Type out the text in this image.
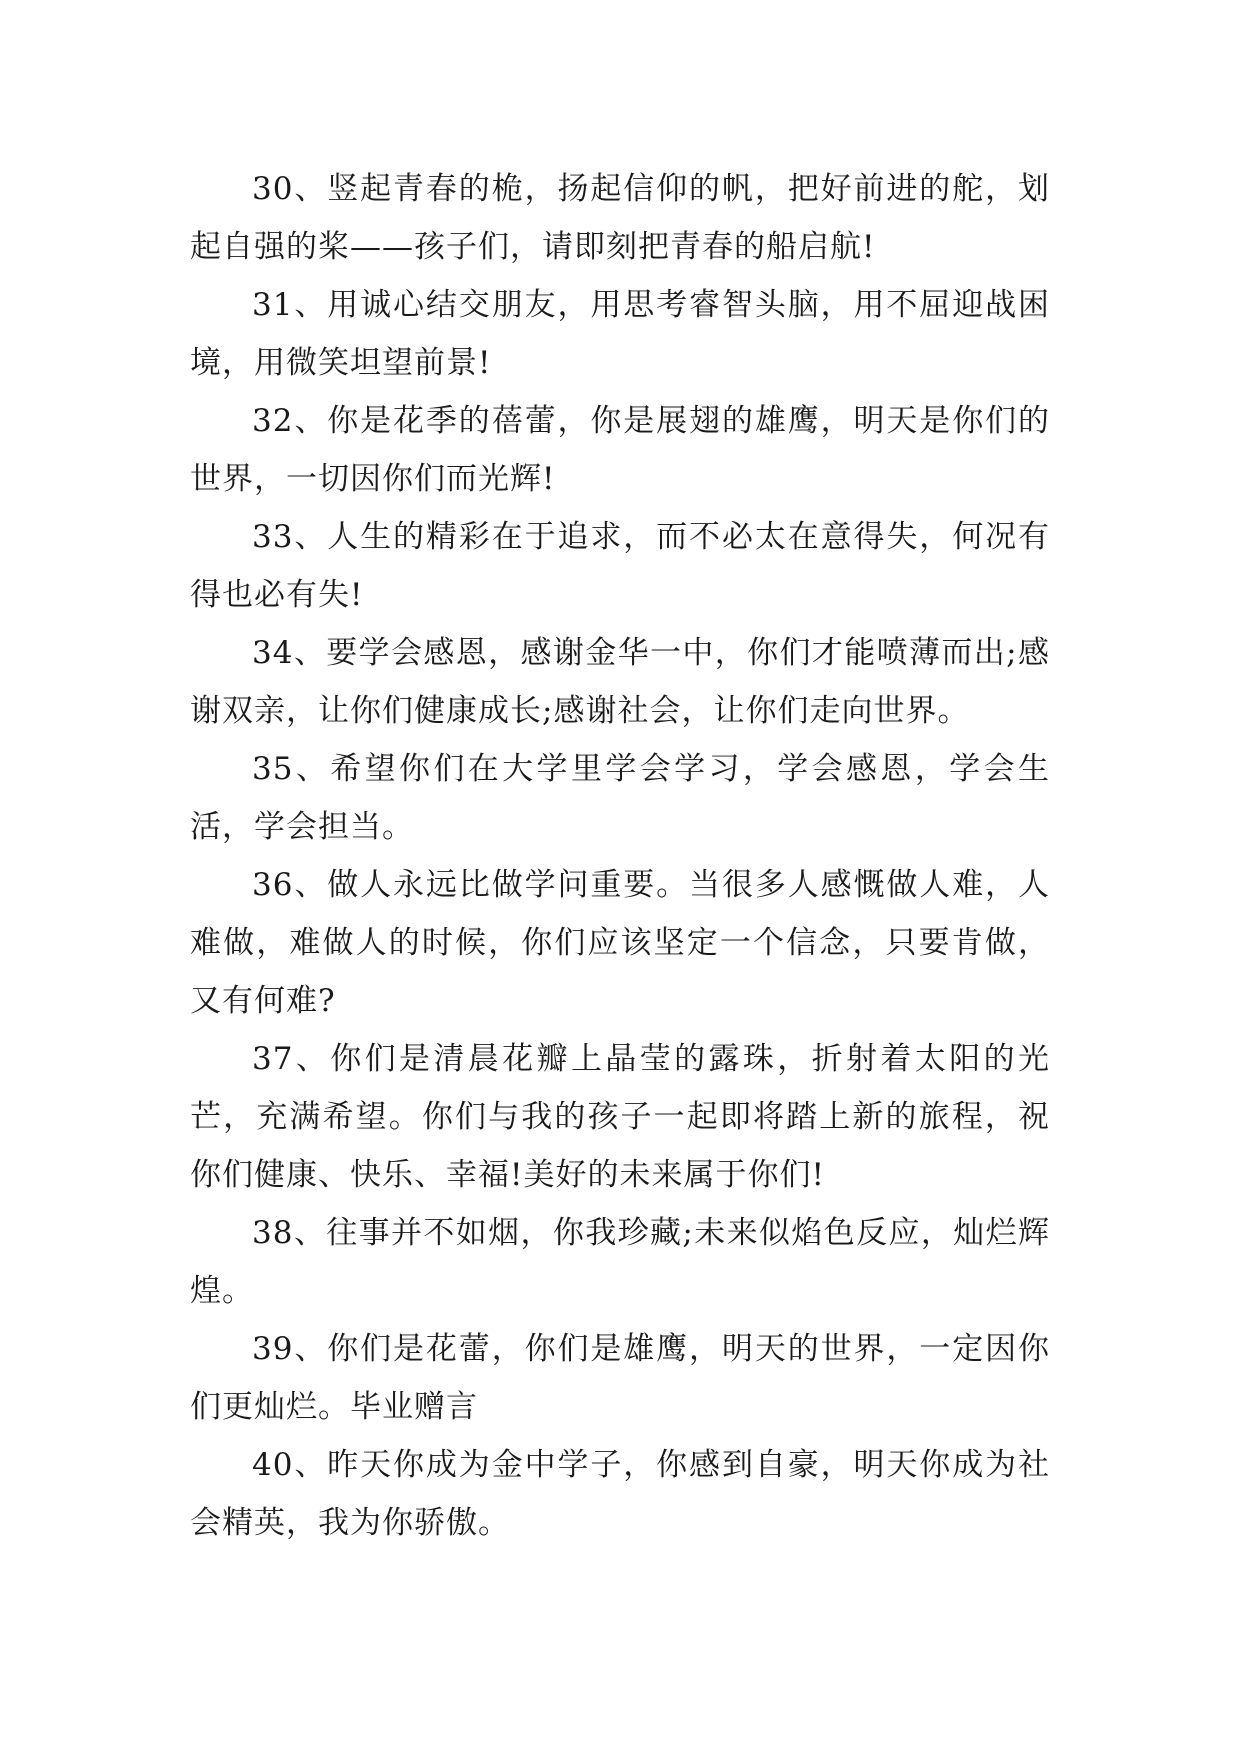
30、竖起青春的桅，扬起信仰的帆，把好前进的舵，划起自强的桨——孩子们，请即刻把青春的船启航!

31、用诚心结交朋友，用思考睿智头脑，用不屈迎战困境，用微笑坦望前景!

32、你是花季的蓓蕾，你是展翅的雄鹰，明天是你们的世界，一切因你们而光辉!

33、人生的精彩在于追求，而不必太在意得失，何况有得也必有失!

34、要学会感恩，感谢金华一中，你们才能喷薄而出;感谢双亲，让你们健康成长;感谢社会，让你们走向世界。

35、希望你们在大学里学会学习，学会感恩，学会生活，学会担当。

36、做人永远比做学问重要。当很多人感慨做人难，人难做，难做人的时候，你们应该坚定一个信念，只要肯做，又有何难?

37、你们是清晨花瓣上晶莹的露珠，折射着太阳的光芒，充满希望。你们与我的孩子一起即将踏上新的旅程，祝你们健康、快乐、幸福!美好的未来属于你们!

38、往事并不如烟，你我珍藏;未来似焰色反应，灿烂辉煌。

39、你们是花蕾，你们是雄鹰，明天的世界，一定因你们更灿烂。毕业赠言

40、昨天你成为金中学子，你感到自豪，明天你成为社会精英，我为你骄傲。
